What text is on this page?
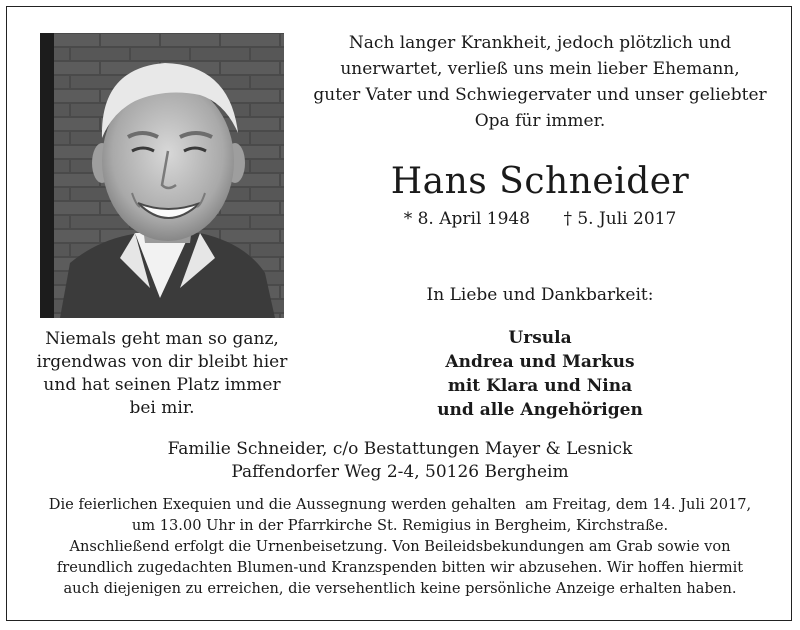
Nach langer Krankheit, jedoch plötzlich und
unerwartet, verließ uns mein lieber Ehemann,
guter Vater und Schwiegervater und unser geliebter
Opa für immer.
Hans Schneider
* 8. April 1948 † 5. Juli 2017
In Liebe und Dankbarkeit:
Ursula
Andrea und Markus
mit Klara und Nina
und alle Angehörigen
Niemals geht man so ganz,
irgendwas von dir bleibt hier
und hat seinen Platz immer
bei mir.
Familie Schneider, c/o Bestattungen Mayer & Lesnick
Paffendorfer Weg 2-4, 50126 Bergheim
Die feierlichen Exequien und die Aussegnung werden gehalten  am Freitag, dem 14. Juli 2017,
um 13.00 Uhr in der Pfarrkirche St. Remigius in Bergheim, Kirchstraße.
Anschließend erfolgt die Urnenbeisetzung. Von Beileidsbekundungen am Grab sowie von
freundlich zugedachten Blumen-und Kranzspenden bitten wir abzusehen. Wir hoffen hiermit
auch diejenigen zu erreichen, die versehentlich keine persönliche Anzeige erhalten haben.
